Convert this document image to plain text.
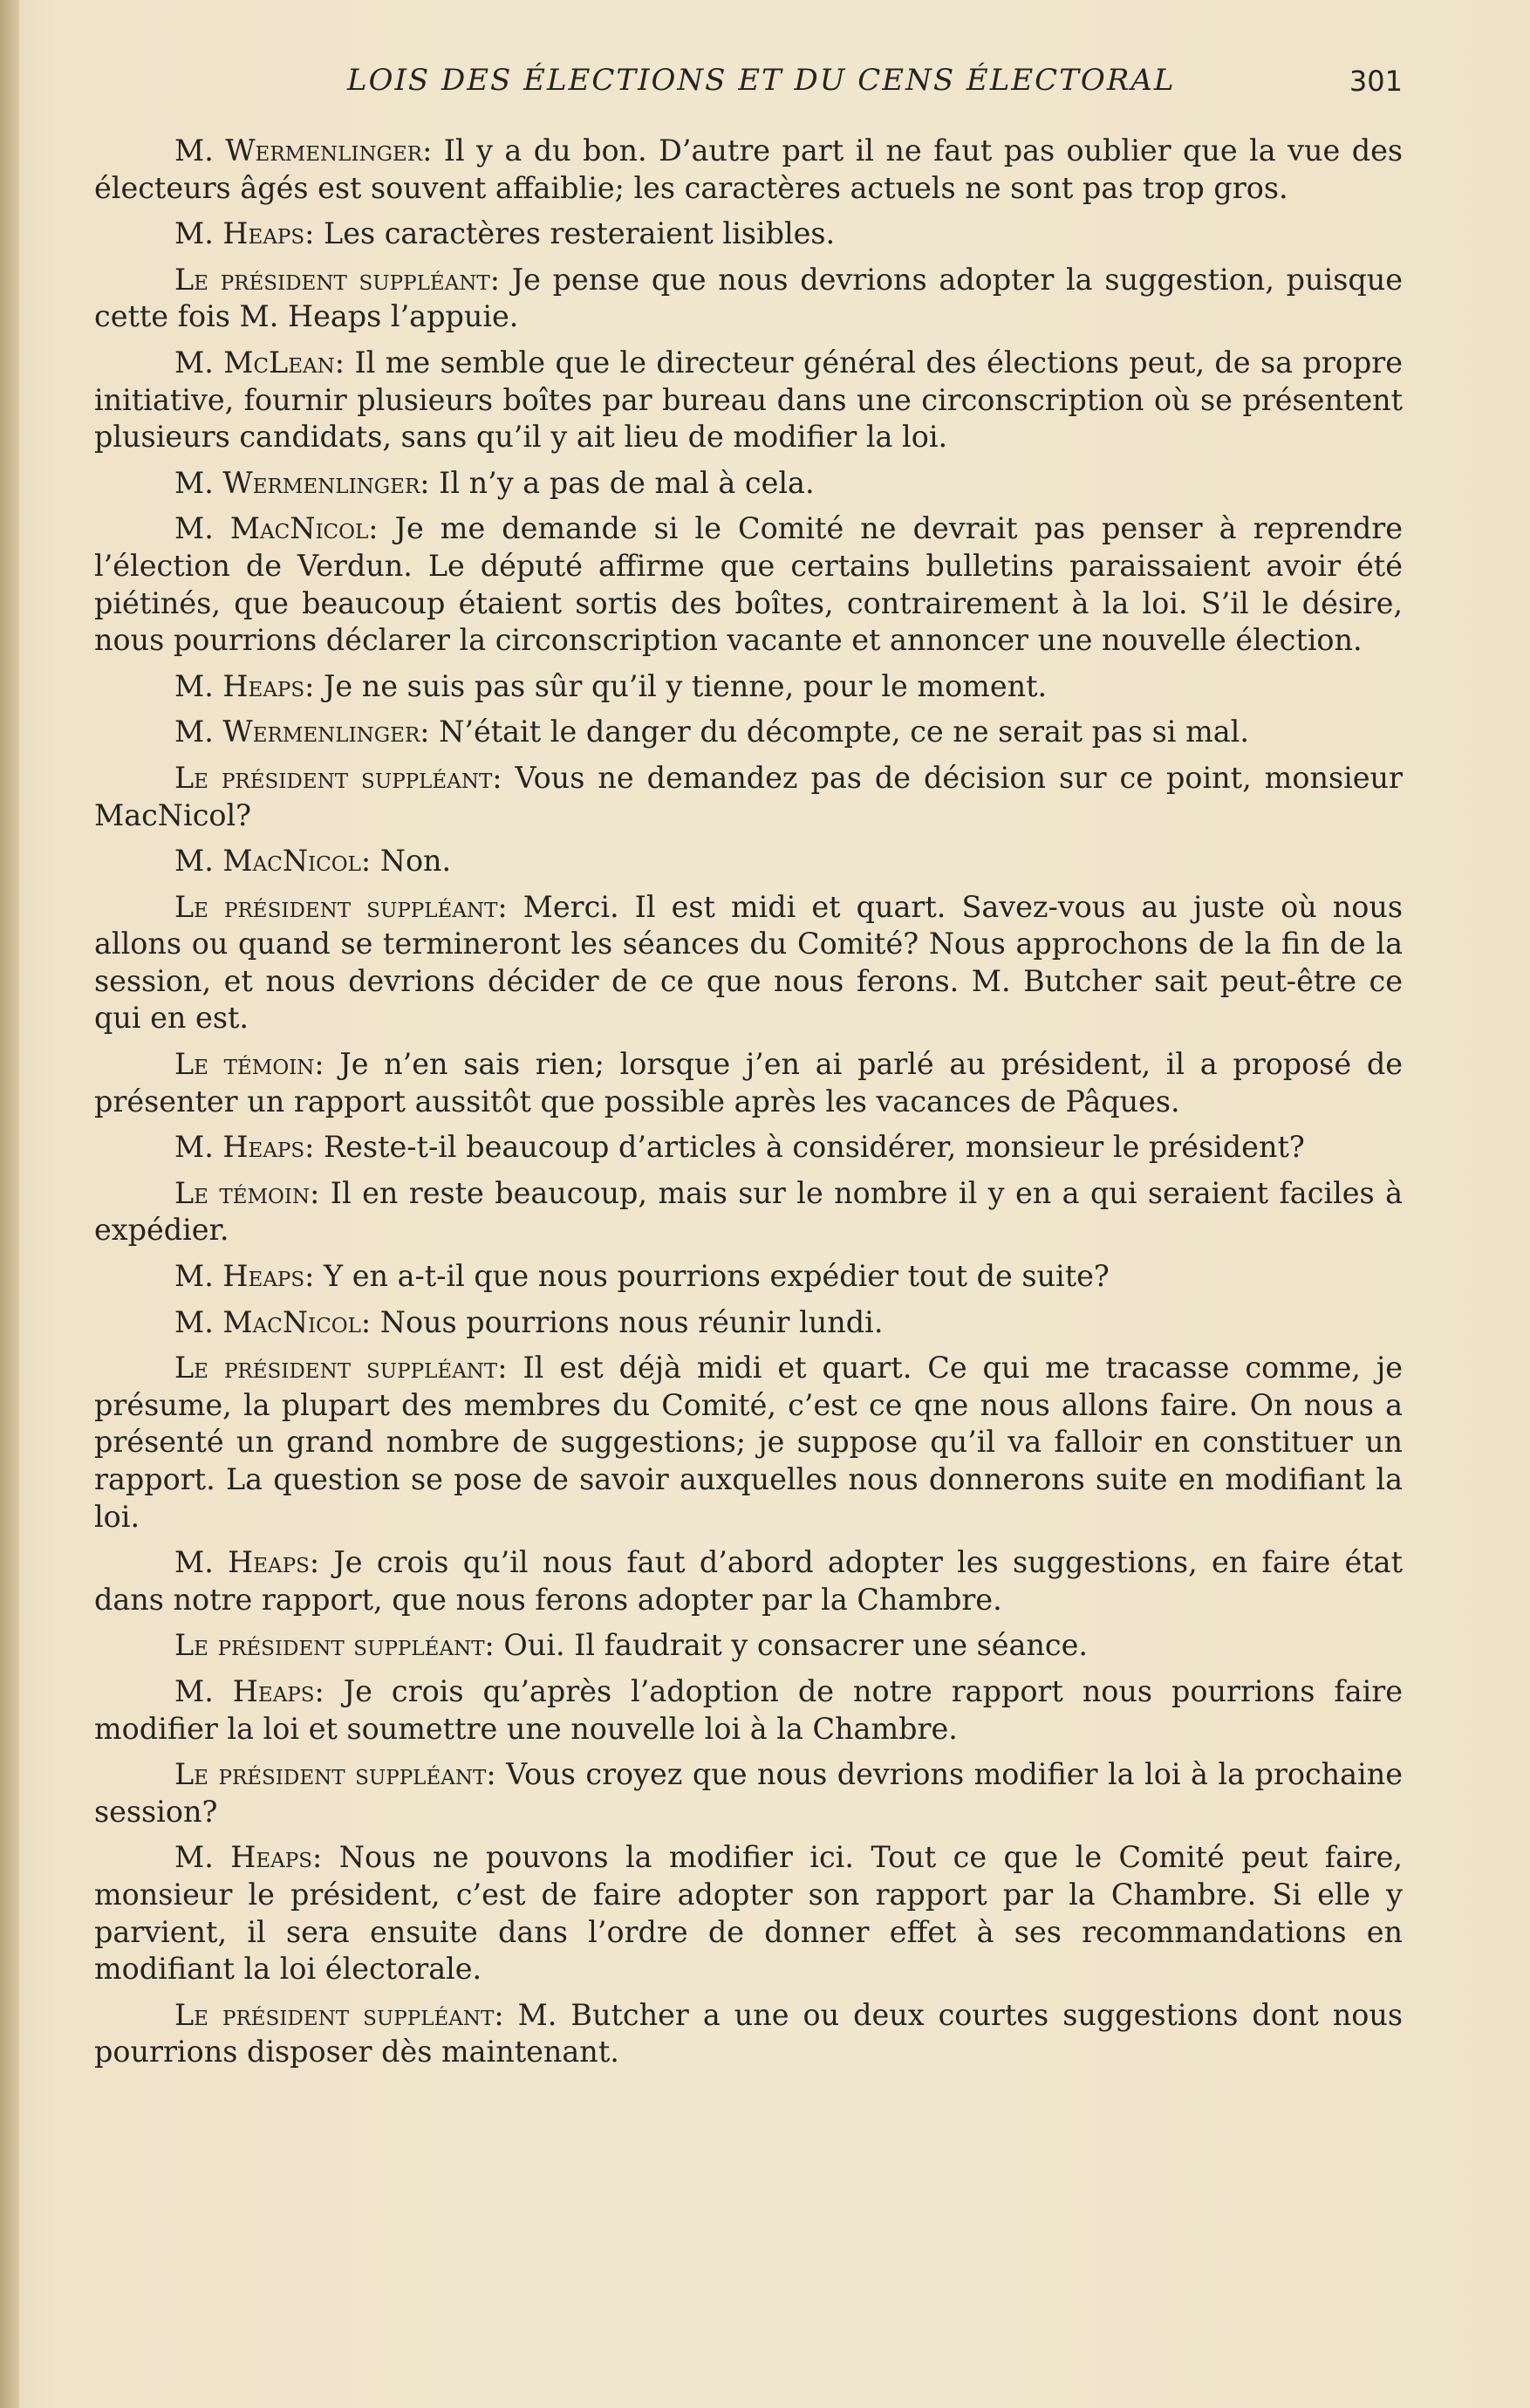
LOIS DES ÉLECTIONS ET DU CENS ÉLECTORAL	301

M. Wermenlinger: Il y a du bon. D’autre part il ne faut pas oublier que la vue des électeurs âgés est souvent affaiblie; les caractères actuels ne sont pas trop gros.

M. Heaps: Les caractères resteraient lisibles.

Le président suppléant: Je pense que nous devrions adopter la suggestion, puisque cette fois M. Heaps l’appuie.

M. McLean: Il me semble que le directeur général des élections peut, de sa propre initiative, fournir plusieurs boîtes par bureau dans une circonscription où se présentent plusieurs candidats, sans qu’il y ait lieu de modifier la loi.

M. Wermenlinger: Il n’y a pas de mal à cela.

M. MacNicol: Je me demande si le Comité ne devrait pas penser à reprendre l’élection de Verdun. Le député affirme que certains bulletins paraissaient avoir été piétinés, que beaucoup étaient sortis des boîtes, contrairement à la loi. S’il le désire, nous pourrions déclarer la circonscription vacante et annoncer une nouvelle élection.

M. Heaps: Je ne suis pas sûr qu’il y tienne, pour le moment.

M. Wermenlinger: N’était le danger du décompte, ce ne serait pas si mal.

Le président suppléant: Vous ne demandez pas de décision sur ce point, monsieur MacNicol?

M. MacNicol: Non.

Le président suppléant: Merci. Il est midi et quart. Savez-vous au juste où nous allons ou quand se termineront les séances du Comité? Nous approchons de la fin de la session, et nous devrions décider de ce que nous ferons. M. Butcher sait peut-être ce qui en est.

Le témoin: Je n’en sais rien; lorsque j’en ai parlé au président, il a proposé de présenter un rapport aussitôt que possible après les vacances de Pâques.

M. Heaps: Reste-t-il beaucoup d’articles à considérer, monsieur le président?

Le témoin: Il en reste beaucoup, mais sur le nombre il y en a qui seraient faciles à expédier.

M. Heaps: Y en a-t-il que nous pourrions expédier tout de suite?

M. MacNicol: Nous pourrions nous réunir lundi.

Le président suppléant: Il est déjà midi et quart. Ce qui me tracasse comme, je présume, la plupart des membres du Comité, c’est ce qne nous allons faire. On nous a présenté un grand nombre de suggestions; je suppose qu’il va falloir en constituer un rapport. La question se pose de savoir auxquelles nous donnerons suite en modifiant la loi.

M. Heaps: Je crois qu’il nous faut d’abord adopter les suggestions, en faire état dans notre rapport, que nous ferons adopter par la Chambre.

Le président suppléant: Oui. Il faudrait y consacrer une séance.

M. Heaps: Je crois qu’après l’adoption de notre rapport nous pourrions faire modifier la loi et soumettre une nouvelle loi à la Chambre.

Le président suppléant: Vous croyez que nous devrions modifier la loi à la prochaine session?

M. Heaps: Nous ne pouvons la modifier ici. Tout ce que le Comité peut faire, monsieur le président, c’est de faire adopter son rapport par la Chambre. Si elle y parvient, il sera ensuite dans l’ordre de donner effet à ses recommandations en modifiant la loi électorale.

Le président suppléant: M. Butcher a une ou deux courtes suggestions dont nous pourrions disposer dès maintenant.
